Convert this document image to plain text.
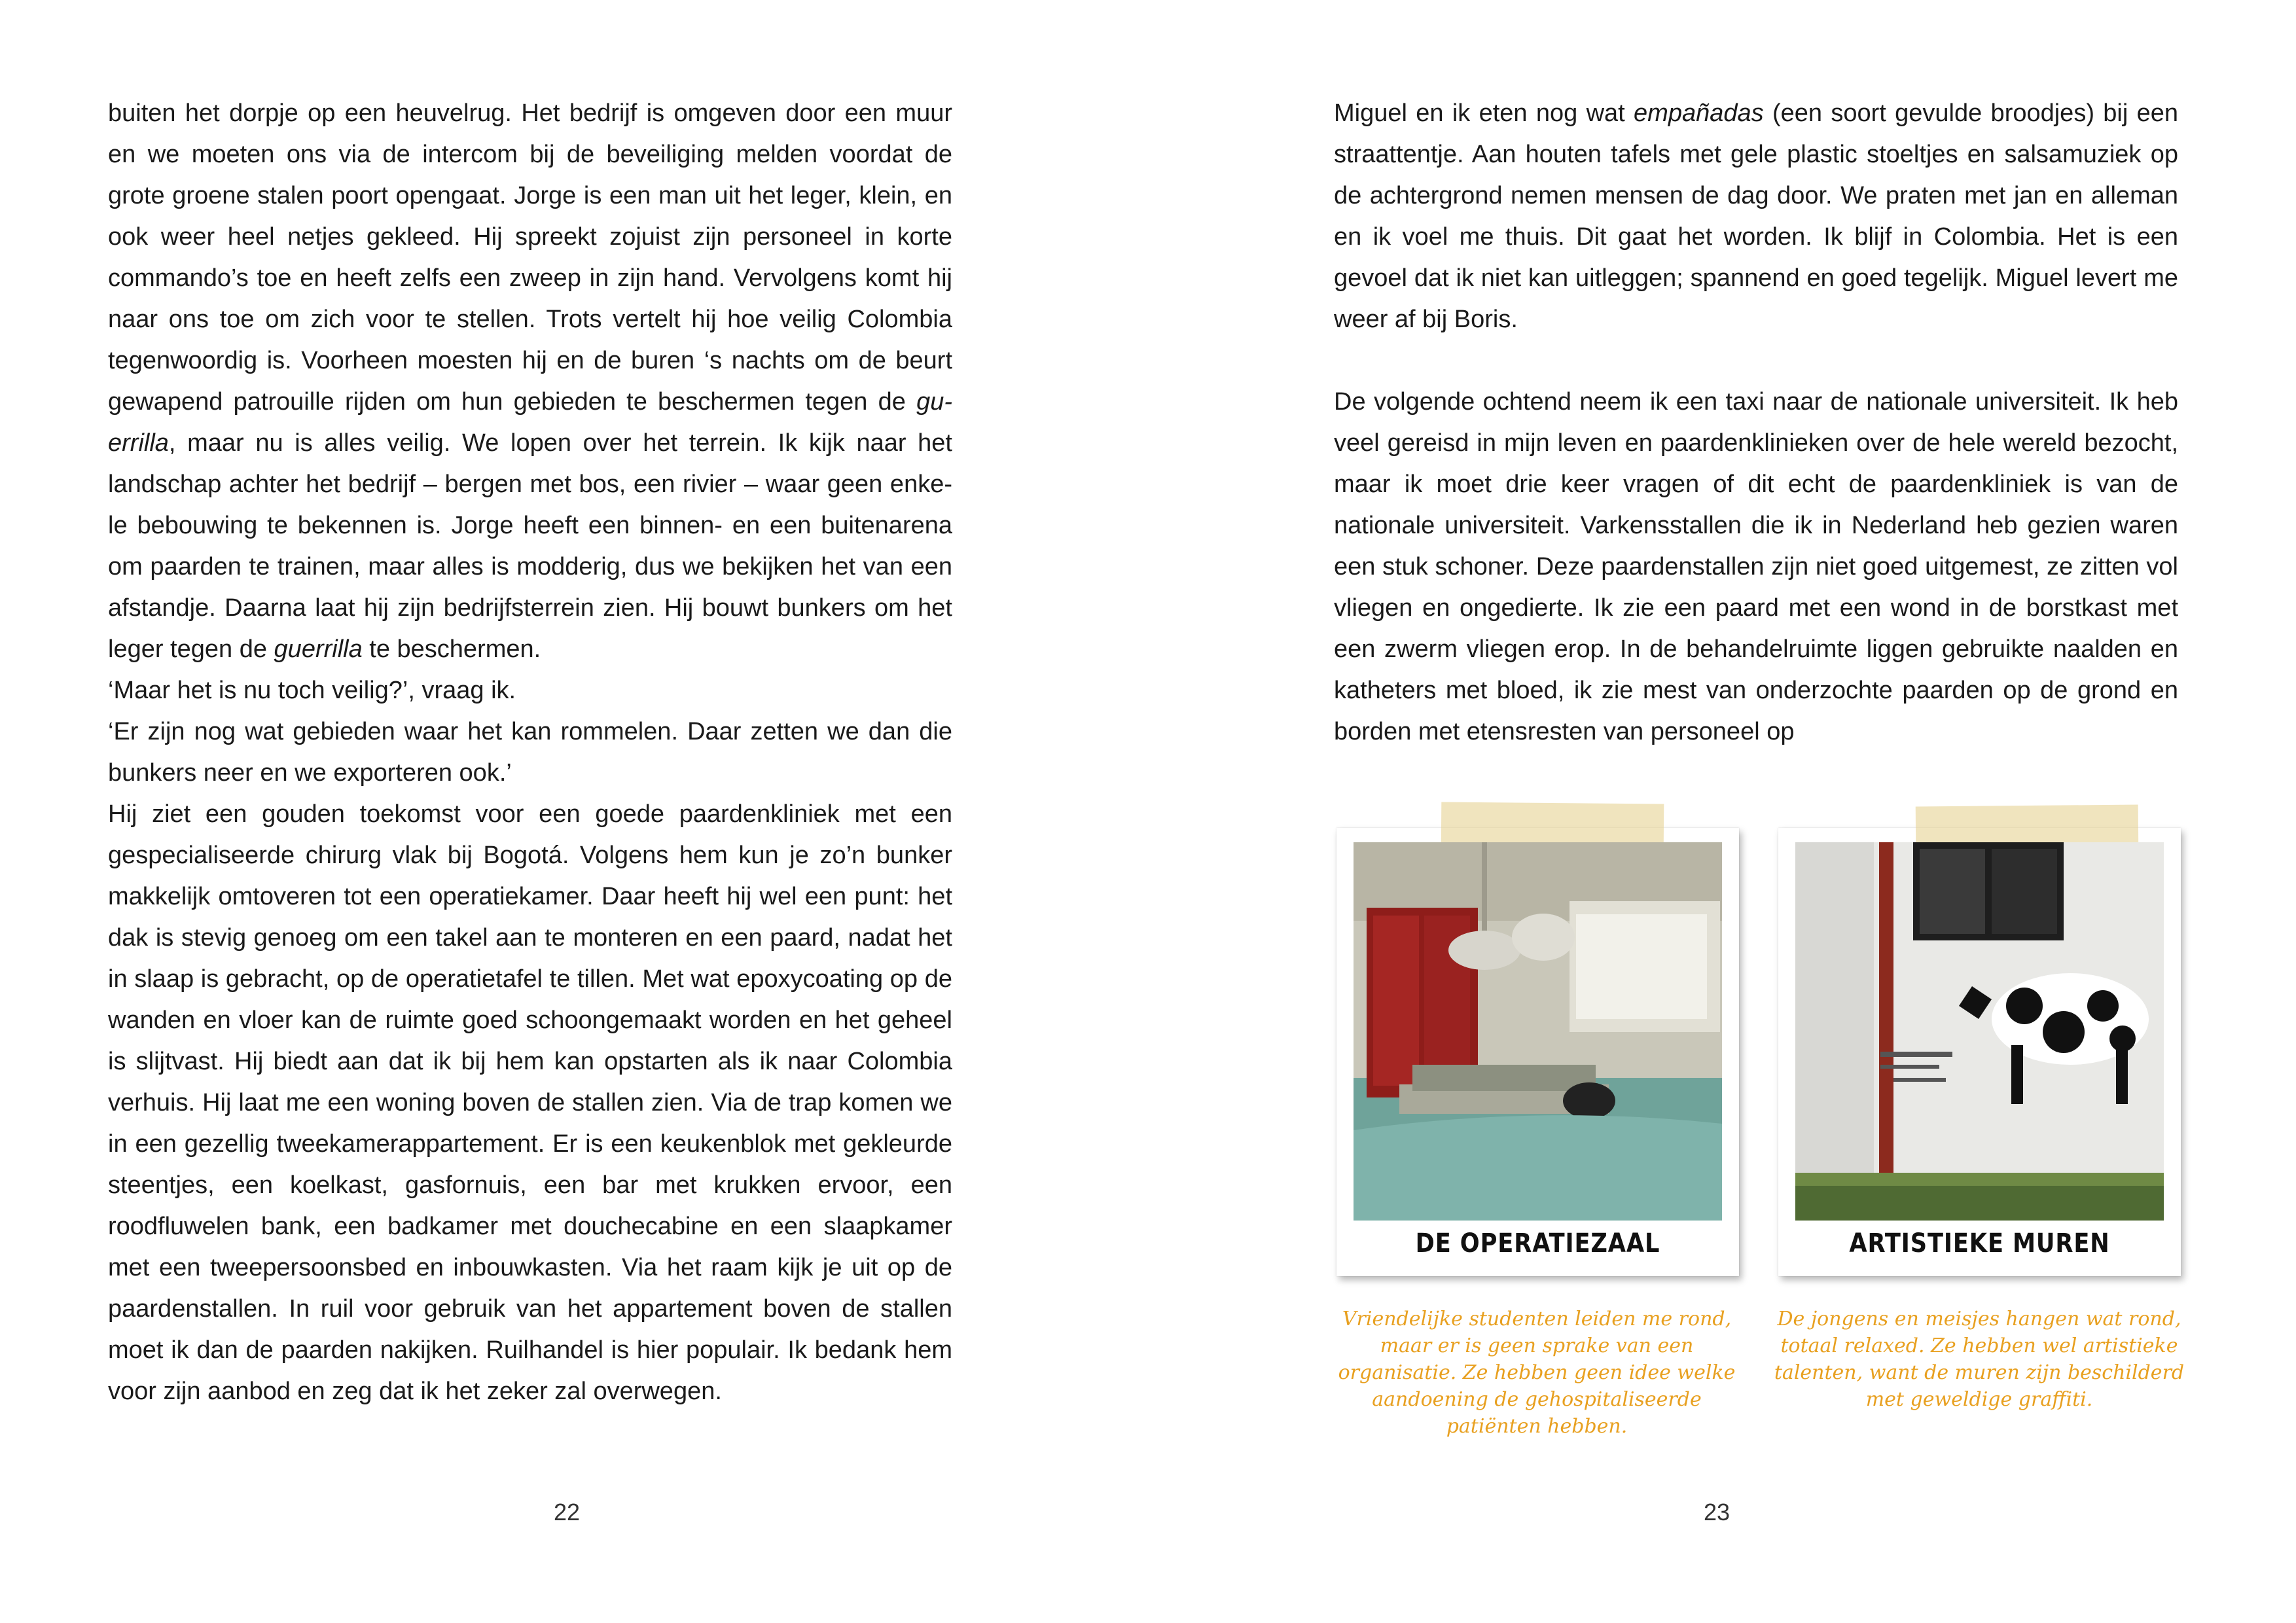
buiten het dorpje op een heuvelrug. Het bedrijf is omgeven door een muur en we moeten ons via de intercom bij de beveiliging melden voordat de grote groene stalen poort opengaat. Jorge is een man uit het leger, klein, en ook weer heel netjes gekleed. Hij spreekt zojuist zijn personeel in korte commando’s toe en heeft zelfs een zweep in zijn hand. Vervolgens komt hij naar ons toe om zich voor te stellen. Trots vertelt hij hoe veilig Colombia tegenwoordig is. Voorheen moesten hij en de buren ‘s nachts om de beurt gewapend patrouille rijden om hun gebieden te beschermen tegen de guerrilla, maar nu is alles veilig. We lopen over het terrein. Ik kijk naar het landschap achter het bedrijf – bergen met bos, een rivier – waar geen enkele bebouwing te bekennen is. Jorge heeft een binnen- en een buitenarena om paarden te trainen, maar alles is modderig, dus we bekijken het van een afstandje. Daarna laat hij zijn bedrijfsterrein zien. Hij bouwt bunkers om het leger tegen de guerrilla te beschermen.

‘Maar het is nu toch veilig?’, vraag ik.

‘Er zijn nog wat gebieden waar het kan rommelen. Daar zetten we dan die bunkers neer en we exporteren ook.’

Hij ziet een gouden toekomst voor een goede paardenkliniek met een gespecialiseerde chirurg vlak bij Bogotá. Volgens hem kun je zo’n bunker makkelijk omtoveren tot een operatiekamer. Daar heeft hij wel een punt: het dak is stevig genoeg om een takel aan te monteren en een paard, nadat het in slaap is gebracht, op de operatietafel te tillen. Met wat epoxycoating op de wanden en vloer kan de ruimte goed schoongemaakt worden en het geheel is slijtvast. Hij biedt aan dat ik bij hem kan opstarten als ik naar Colombia verhuis. Hij laat me een woning boven de stallen zien. Via de trap komen we in een gezellig tweekamerappartement. Er is een keukenblok met gekleurde steentjes, een koelkast, gasfornuis, een bar met krukken ervoor, een roodfluwelen bank, een badkamer met douchecabine en een slaapkamer met een tweepersoonsbed en inbouwkasten. Via het raam kijk je uit op de paardenstallen. In ruil voor gebruik van het appartement boven de stallen moet ik dan de paarden nakijken. Ruilhandel is hier populair. Ik bedank hem voor zijn aanbod en zeg dat ik het zeker zal overwegen.

22

Miguel en ik eten nog wat empañadas (een soort gevulde broodjes) bij een straattentje. Aan houten tafels met gele plastic stoeltjes en salsamuziek op de achtergrond nemen mensen de dag door. We praten met jan en alleman en ik voel me thuis. Dit gaat het worden. Ik blijf in Colombia. Het is een gevoel dat ik niet kan uitleggen; spannend en goed tegelijk. Miguel levert me weer af bij Boris.

De volgende ochtend neem ik een taxi naar de nationale universiteit. Ik heb veel gereisd in mijn leven en paardenklinieken over de hele wereld bezocht, maar ik moet drie keer vragen of dit echt de paardenkliniek is van de nationale universiteit. Varkensstallen die ik in Nederland heb gezien waren een stuk schoner. Deze paardenstallen zijn niet goed uitgemest, ze zitten vol vliegen en ongedierte. Ik zie een paard met een wond in de borstkast met een zwerm vliegen erop. In de behandelruimte liggen gebruikte naalden en katheters met bloed, ik zie mest van onderzochte paarden op de grond en borden met etensresten van personeel op

DE OPERATIEZAAL	ARTISTIEKE MUREN
Vriendelijke studenten leiden me rond, maar er is geen sprake van een organisatie. Ze hebben geen idee welke aandoening de gehospitaliseerde patiënten hebben.
De jongens en meisjes hangen wat rond, totaal relaxed. Ze hebben wel artistieke talenten, want de muren zijn beschilderd met geweldige graffiti.
23
